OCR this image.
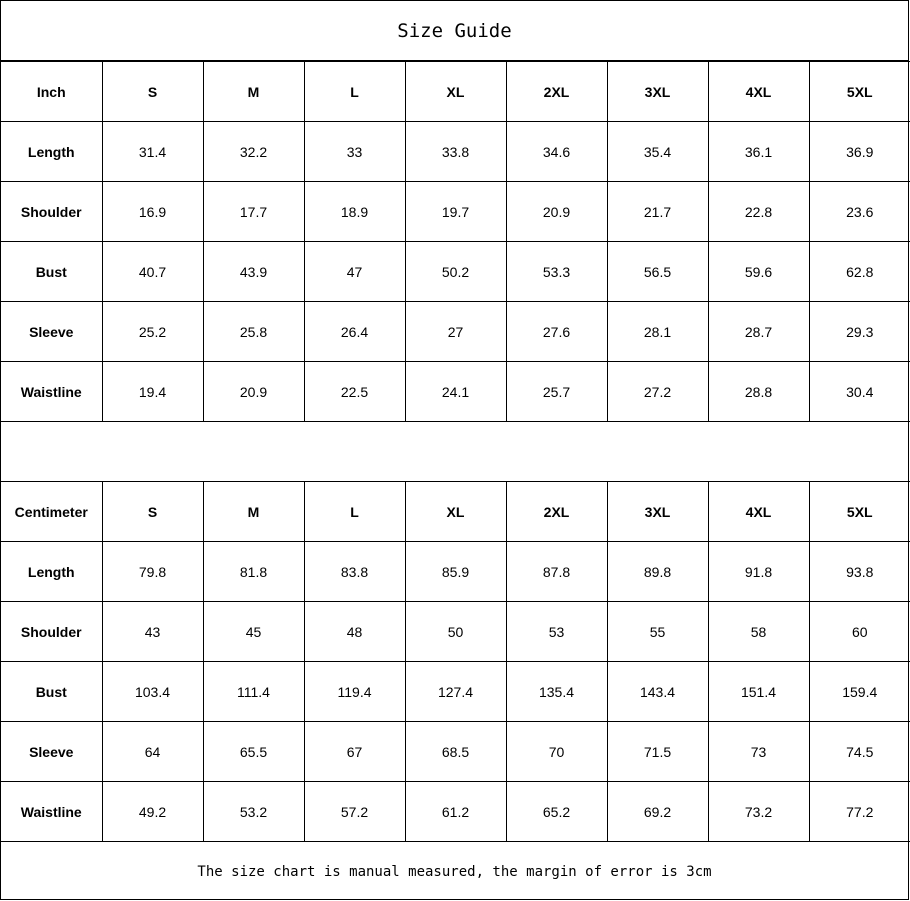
Size Guide
Inch	S	M	L	XL	2XL	3XL	4XL	5XL
Length	31.4	32.2	33	33.8	34.6	35.4	36.1	36.9
Shoulder	16.9	17.7	18.9	19.7	20.9	21.7	22.8	23.6
Bust	40.7	43.9	47	50.2	53.3	56.5	59.6	62.8
Sleeve	25.2	25.8	26.4	27	27.6	28.1	28.7	29.3
Waistline	19.4	20.9	22.5	24.1	25.7	27.2	28.8	30.4
Centimeter	S	M	L	XL	2XL	3XL	4XL	5XL
Length	79.8	81.8	83.8	85.9	87.8	89.8	91.8	93.8
Shoulder	43	45	48	50	53	55	58	60
Bust	103.4	111.4	119.4	127.4	135.4	143.4	151.4	159.4
Sleeve	64	65.5	67	68.5	70	71.5	73	74.5
Waistline	49.2	53.2	57.2	61.2	65.2	69.2	73.2	77.2
The size chart is manual measured, the margin of error is 3cm
